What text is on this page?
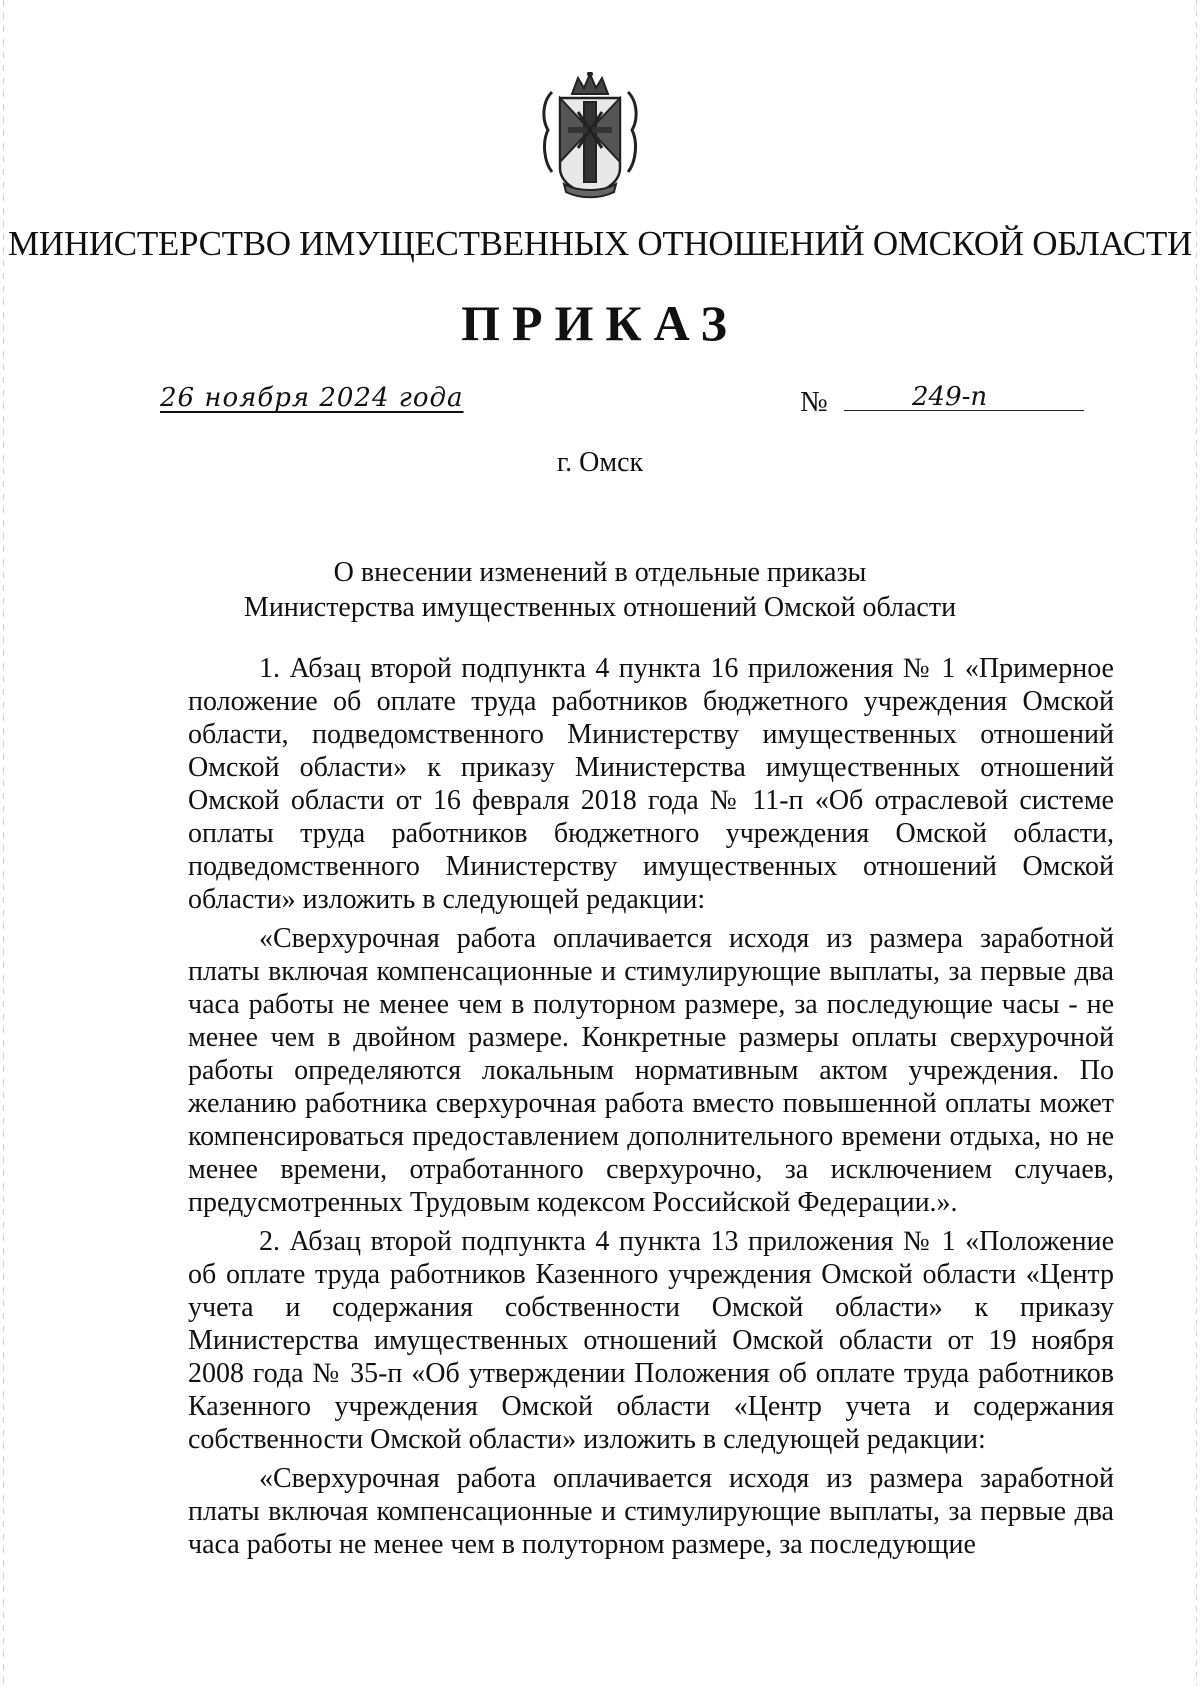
МИНИСТЕРСТВО ИМУЩЕСТВЕННЫХ ОТНОШЕНИЙ ОМСКОЙ ОБЛАСТИ
ПРИКАЗ
26 ноября 2024 года	№	249-п
г. Омск
О внесении изменений в отдельные приказы
Министерства имущественных отношений Омской области

1. Абзац второй подпункта 4 пункта 16 приложения № 1 «Примерное положение об оплате труда работников бюджетного учреждения Омской области, подведомственного Министерству имущественных отношений Омской области» к приказу Министерства имущественных отношений Омской области от 16 февраля 2018 года № 11-п «Об отраслевой системе оплаты труда работников бюджетного учреждения Омской области, подведомственного Министерству имущественных отношений Омской области» изложить в следующей редакции:

«Сверхурочная работа оплачивается исходя из размера заработной платы включая компенсационные и стимулирующие выплаты, за первые два часа работы не менее чем в полуторном размере, за последующие часы - не менее чем в двойном размере. Конкретные размеры оплаты сверхурочной работы определяются локальным нормативным актом учреждения. По желанию работника сверхурочная работа вместо повышенной оплаты может компенсироваться предоставлением дополнительного времени отдыха, но не менее времени, отработанного сверхурочно, за исключением случаев, предусмотренных Трудовым кодексом Российской Федерации.».

2. Абзац второй подпункта 4 пункта 13 приложения № 1 «Положение об оплате труда работников Казенного учреждения Омской области «Центр учета и содержания собственности Омской области» к приказу Министерства имущественных отношений Омской области от 19 ноября 2008 года № 35-п «Об утверждении Положения об оплате труда работников Казенного учреждения Омской области «Центр учета и содержания собственности Омской области» изложить в следующей редакции:

«Сверхурочная работа оплачивается исходя из размера заработной платы включая компенсационные и стимулирующие выплаты, за первые два часа работы не менее чем в полуторном размере, за последующие
